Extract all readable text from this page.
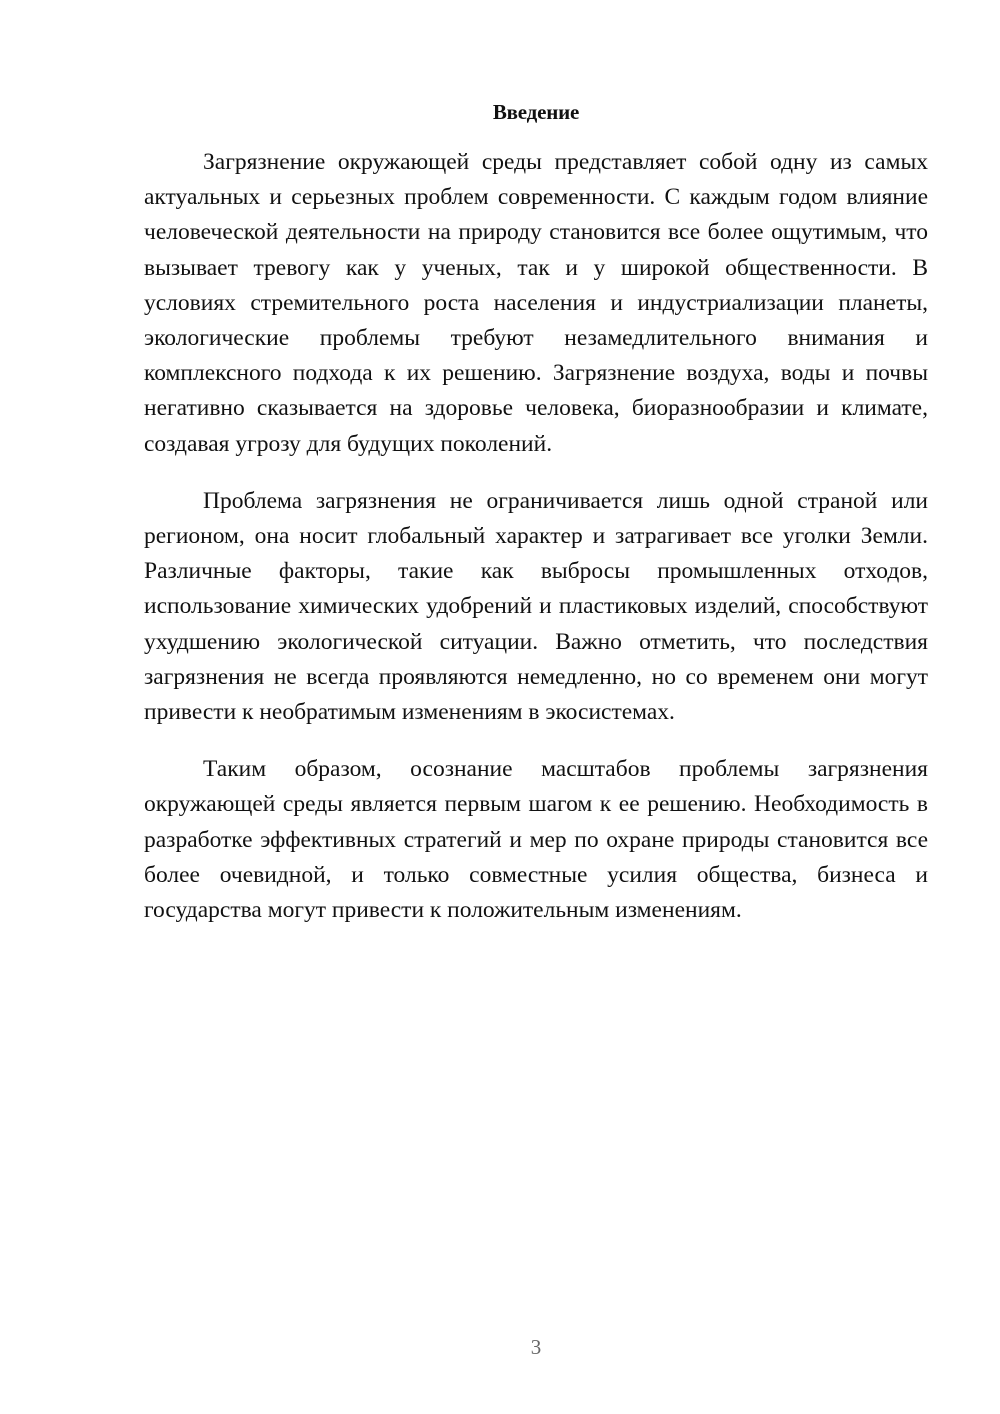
Введение

Загрязнение окружающей среды представляет собой одну из самых актуальных и серьезных проблем современности. С каждым годом влияние человеческой деятельности на природу становится все более ощутимым, что вызывает тревогу как у ученых, так и у широкой общественности. В условиях стремительного роста населения и индустриализации планеты, экологические проблемы требуют незамедлительного внимания и комплексного подхода к их решению. Загрязнение воздуха, воды и почвы негативно сказывается на здоровье человека, биоразнообразии и климате, создавая угрозу для будущих поколений.

Проблема загрязнения не ограничивается лишь одной страной или регионом, она носит глобальный характер и затрагивает все уголки Земли. Различные факторы, такие как выбросы промышленных отходов, использование химических удобрений и пластиковых изделий, способствуют ухудшению экологической ситуации. Важно отметить, что последствия загрязнения не всегда проявляются немедленно, но со временем они могут привести к необратимым изменениям в экосистемах.

Таким образом, осознание масштабов проблемы загрязнения окружающей среды является первым шагом к ее решению. Необходимость в разработке эффективных стратегий и мер по охране природы становится все более очевидной, и только совместные усилия общества, бизнеса и государства могут привести к положительным изменениям.

3
